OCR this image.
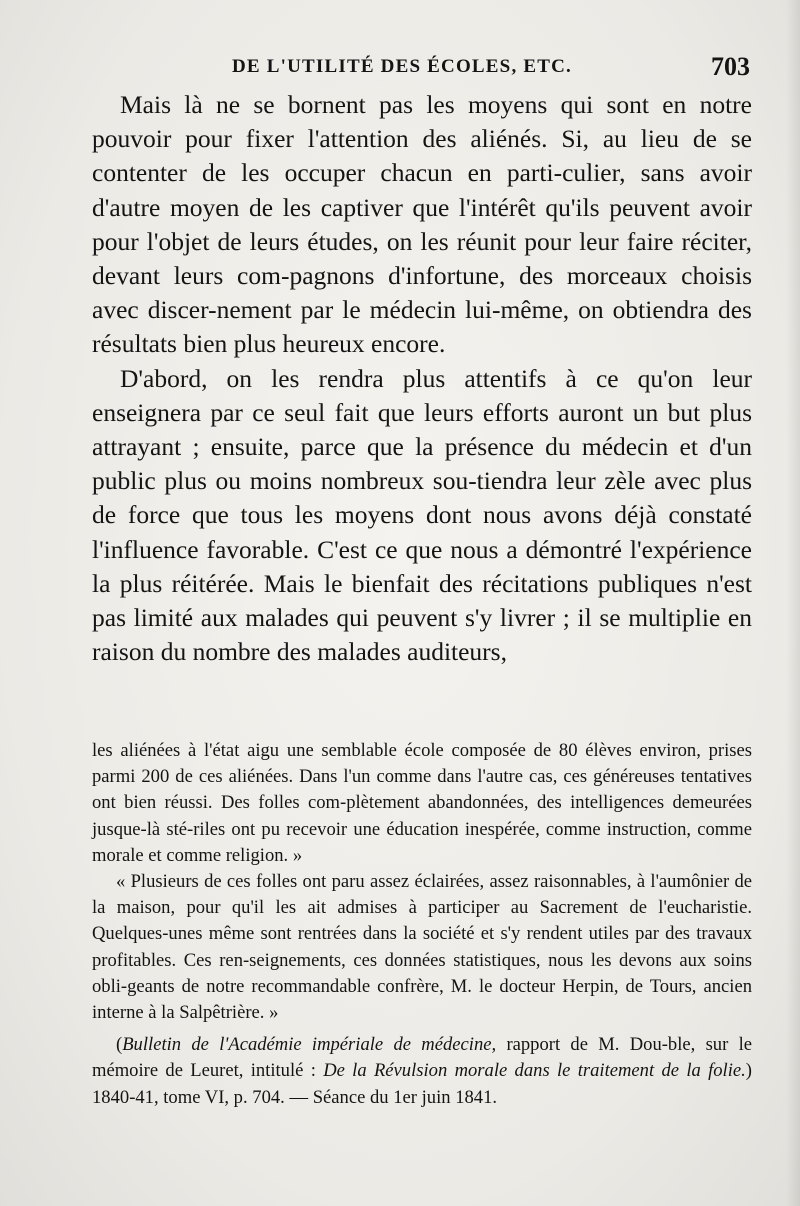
DE L'UTILITÉ DES ÉCOLES, ETC.	703

Mais là ne se bornent pas les moyens qui sont en notre pouvoir pour fixer l'attention des aliénés. Si, au lieu de se contenter de les occuper chacun en parti-culier, sans avoir d'autre moyen de les captiver que l'intérêt qu'ils peuvent avoir pour l'objet de leurs études, on les réunit pour leur faire réciter, devant leurs com-pagnons d'infortune, des morceaux choisis avec discer-nement par le médecin lui-même, on obtiendra des résultats bien plus heureux encore.

D'abord, on les rendra plus attentifs à ce qu'on leur enseignera par ce seul fait que leurs efforts auront un but plus attrayant ; ensuite, parce que la présence du médecin et d'un public plus ou moins nombreux sou-tiendra leur zèle avec plus de force que tous les moyens dont nous avons déjà constaté l'influence favorable. C'est ce que nous a démontré l'expérience la plus réitérée. Mais le bienfait des récitations publiques n'est pas limité aux malades qui peuvent s'y livrer ; il se multiplie en raison du nombre des malades auditeurs,

les aliénées à l'état aigu une semblable école composée de 80 élèves environ, prises parmi 200 de ces aliénées. Dans l'un comme dans l'autre cas, ces généreuses tentatives ont bien réussi. Des folles com-plètement abandonnées, des intelligences demeurées jusque-là sté-riles ont pu recevoir une éducation inespérée, comme instruction, comme morale et comme religion. »

« Plusieurs de ces folles ont paru assez éclairées, assez raisonnables, à l'aumônier de la maison, pour qu'il les ait admises à participer au Sacrement de l'eucharistie. Quelques-unes même sont rentrées dans la société et s'y rendent utiles par des travaux profitables. Ces ren-seignements, ces données statistiques, nous les devons aux soins obli-geants de notre recommandable confrère, M. le docteur Herpin, de Tours, ancien interne à la Salpêtrière. »

(Bulletin de l'Académie impériale de médecine, rapport de M. Dou-ble, sur le mémoire de Leuret, intitulé : De la Révulsion morale dans le traitement de la folie.) 1840-41, tome VI, p. 704. — Séance du 1er juin 1841.
